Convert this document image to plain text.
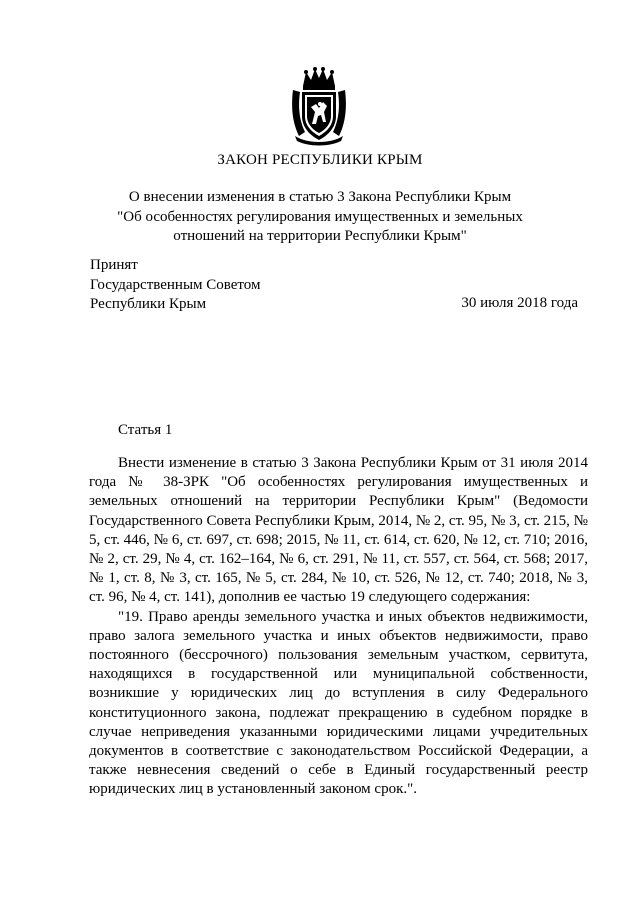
ЗАКОН РЕСПУБЛИКИ КРЫМ
О внесении изменения в статью 3 Закона Республики Крым
"Об особенностях регулирования имущественных и земельных
отношений на территории Республики Крым"
Принят
Государственным Советом
Республики Крым	30 июля 2018 года
Статья 1

Внести изменение в статью 3 Закона Республики Крым от 31 июля 2014 года № 38-ЗРК "Об особенностях регулирования имущественных и земельных отношений на территории Республики Крым" (Ведомости Государственного Совета Республики Крым, 2014, № 2, ст. 95, № 3, ст. 215, № 5, ст. 446, № 6, ст. 697, ст. 698; 2015, № 11, ст. 614, ст. 620, № 12, ст. 710; 2016, № 2, ст. 29, № 4, ст. 162–164, № 6, ст. 291, № 11, ст. 557, ст. 564, ст. 568; 2017, № 1, ст. 8, № 3, ст. 165, № 5, ст. 284, № 10, ст. 526, № 12, ст. 740; 2018, № 3, ст. 96, № 4, ст. 141), дополнив ее частью 19 следующего содержания:

"19. Право аренды земельного участка и иных объектов недвижимости, право залога земельного участка и иных объектов недвижимости, право постоянного (бессрочного) пользования земельным участком, сервитута, находящихся в государственной или муниципальной собственности, возникшие у юридических лиц до вступления в силу Федерального конституционного закона, подлежат прекращению в судебном порядке в случае неприведения указанными юридическими лицами учредительных документов в соответствие с законодательством Российской Федерации, а также невнесения сведений о себе в Единый государственный реестр юридических лиц в установленный законом срок.".
